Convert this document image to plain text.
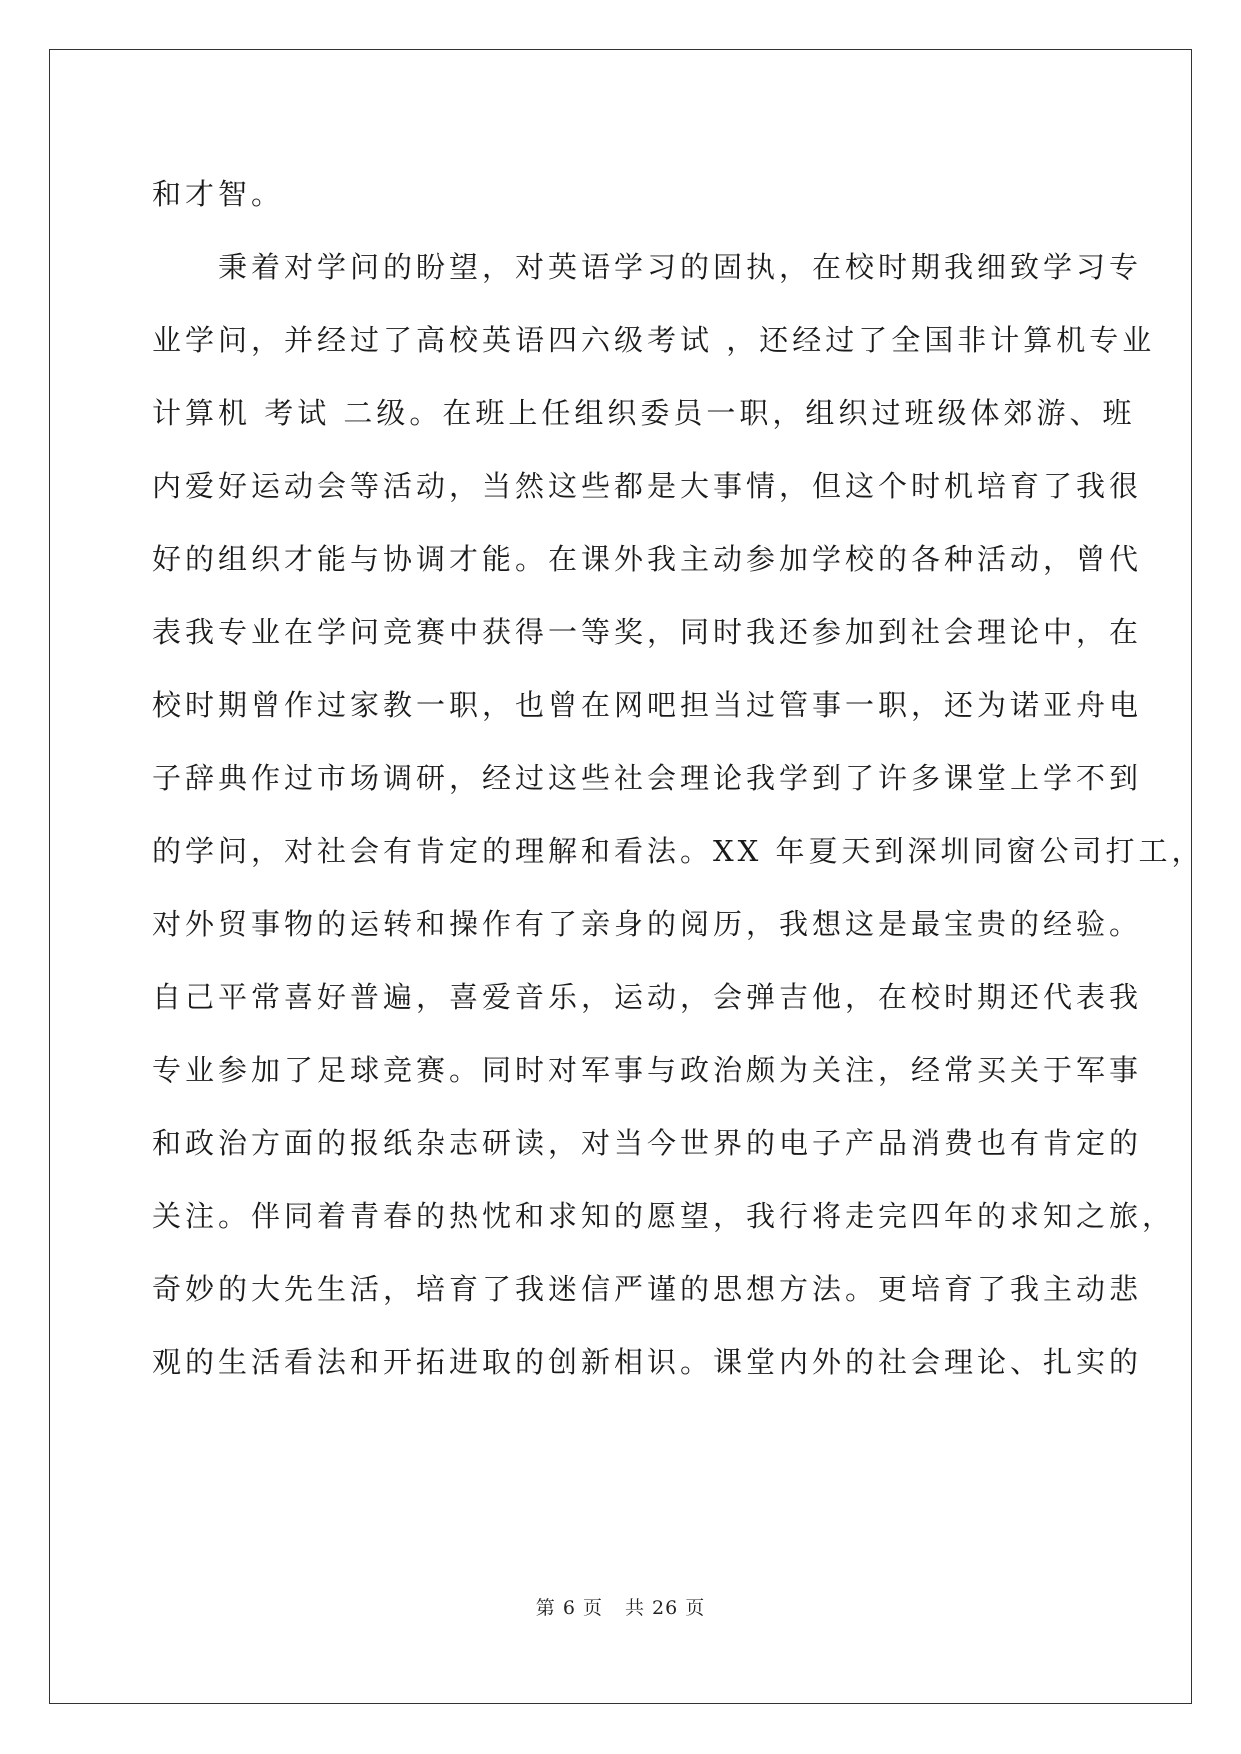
和才智。
秉着对学问的盼望，对英语学习的固执，在校时期我细致学习专
业学问，并经过了高校英语四六级考试 ，还经过了全国非计算机专业
计算机 考试 二级。在班上任组织委员一职，组织过班级体郊游、班
内爱好运动会等活动，当然这些都是大事情，但这个时机培育了我很
好的组织才能与协调才能。在课外我主动参加学校的各种活动，曾代
表我专业在学问竞赛中获得一等奖，同时我还参加到社会理论中，在
校时期曾作过家教一职，也曾在网吧担当过管事一职，还为诺亚舟电
子辞典作过市场调研，经过这些社会理论我学到了许多课堂上学不到
的学问，对社会有肯定的理解和看法。XX 年夏天到深圳同窗公司打工，
对外贸事物的运转和操作有了亲身的阅历，我想这是最宝贵的经验。
自己平常喜好普遍，喜爱音乐，运动，会弹吉他，在校时期还代表我
专业参加了足球竞赛。同时对军事与政治颇为关注，经常买关于军事
和政治方面的报纸杂志研读，对当今世界的电子产品消费也有肯定的
关注。伴同着青春的热忱和求知的愿望，我行将走完四年的求知之旅，
奇妙的大先生活，培育了我迷信严谨的思想方法。更培育了我主动悲
观的生活看法和开拓进取的创新相识。课堂内外的社会理论、扎实的
第 6 页 共 26 页
